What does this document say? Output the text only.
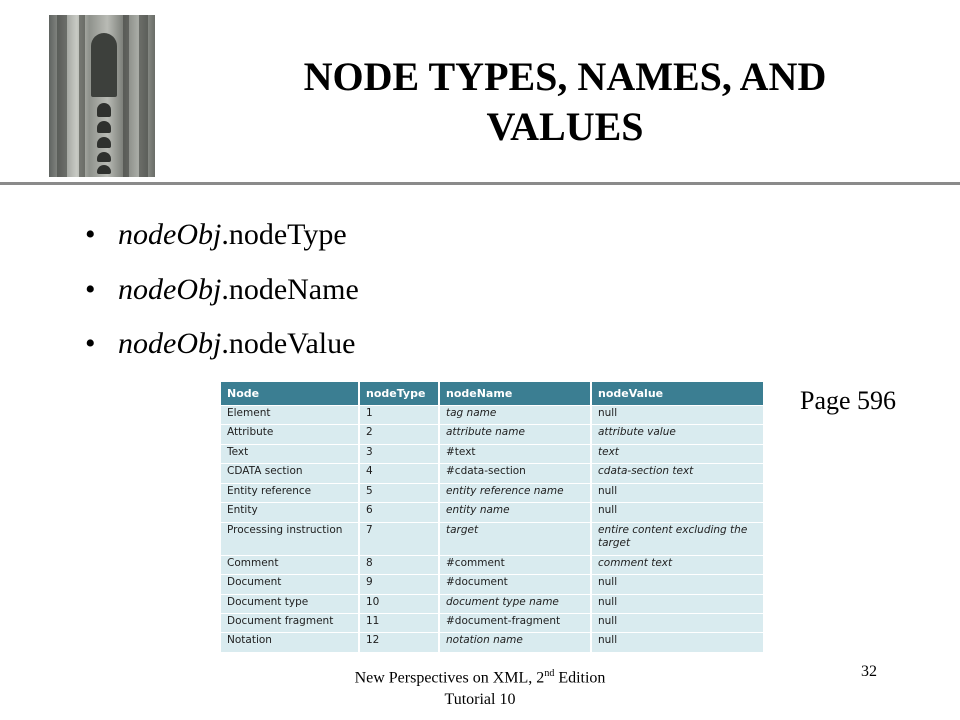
NODE TYPES, NAMES, AND VALUES
• nodeObj.nodeType
• nodeObj.nodeName
• nodeObj.nodeValue
Page 596
Node	nodeType	nodeName	nodeValue
Element	1	tag name	null
Attribute	2	attribute name	attribute value
Text	3	#text	text
CDATA section	4	#cdata-section	cdata-section text
Entity reference	5	entity reference name	null
Entity	6	entity name	null
Processing instruction	7	target	entire content excluding the target
Comment	8	#comment	comment text
Document	9	#document	null
Document type	10	document type name	null
Document fragment	11	#document-fragment	null
Notation	12	notation name	null
New Perspectives on XML, 2nd Edition
Tutorial 10
32
